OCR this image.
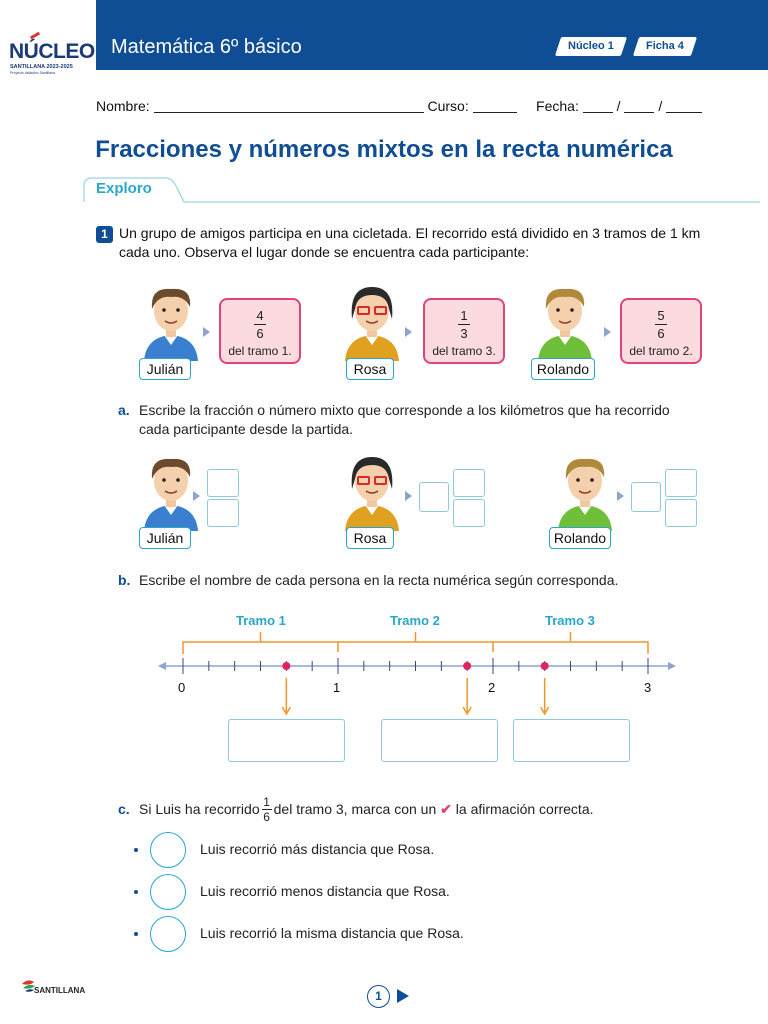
NÚCLEO
SANTILLANA 2023-2025
Proyecto didáctico Santillana
Matemática 6º básico	Núcleo 1	Ficha 4
Nombre:	Curso:	Fecha:	/	/
Fracciones y números mixtos en la recta numérica
Exploro
1 Un grupo de amigos participa en una cicletada. El recorrido está dividido en 3 tramos de 1 km cada uno. Observa el lugar donde se encuentra cada participante:
Julián
4
6
del tramo 1.
Rosa
1
3
del tramo 3.
Rolando
5
6
del tramo 2.
a. Escribe la fracción o número mixto que corresponde a los kilómetros que ha recorrido cada participante desde la partida.
Julián	Rosa	Rolando
b. Escribe el nombre de cada persona en la recta numérica según corresponda.
Tramo 1	Tramo 2	Tramo 3
0	1	2	3
c. Si Luis ha recorrido $\frac{1}{6}$ del tramo 3, marca con un
✔
la afirmación correcta.
Luis recorrió más distancia que Rosa.
Luis recorrió menos distancia que Rosa.
Luis recorrió la misma distancia que Rosa.
SANTILLANA	1
